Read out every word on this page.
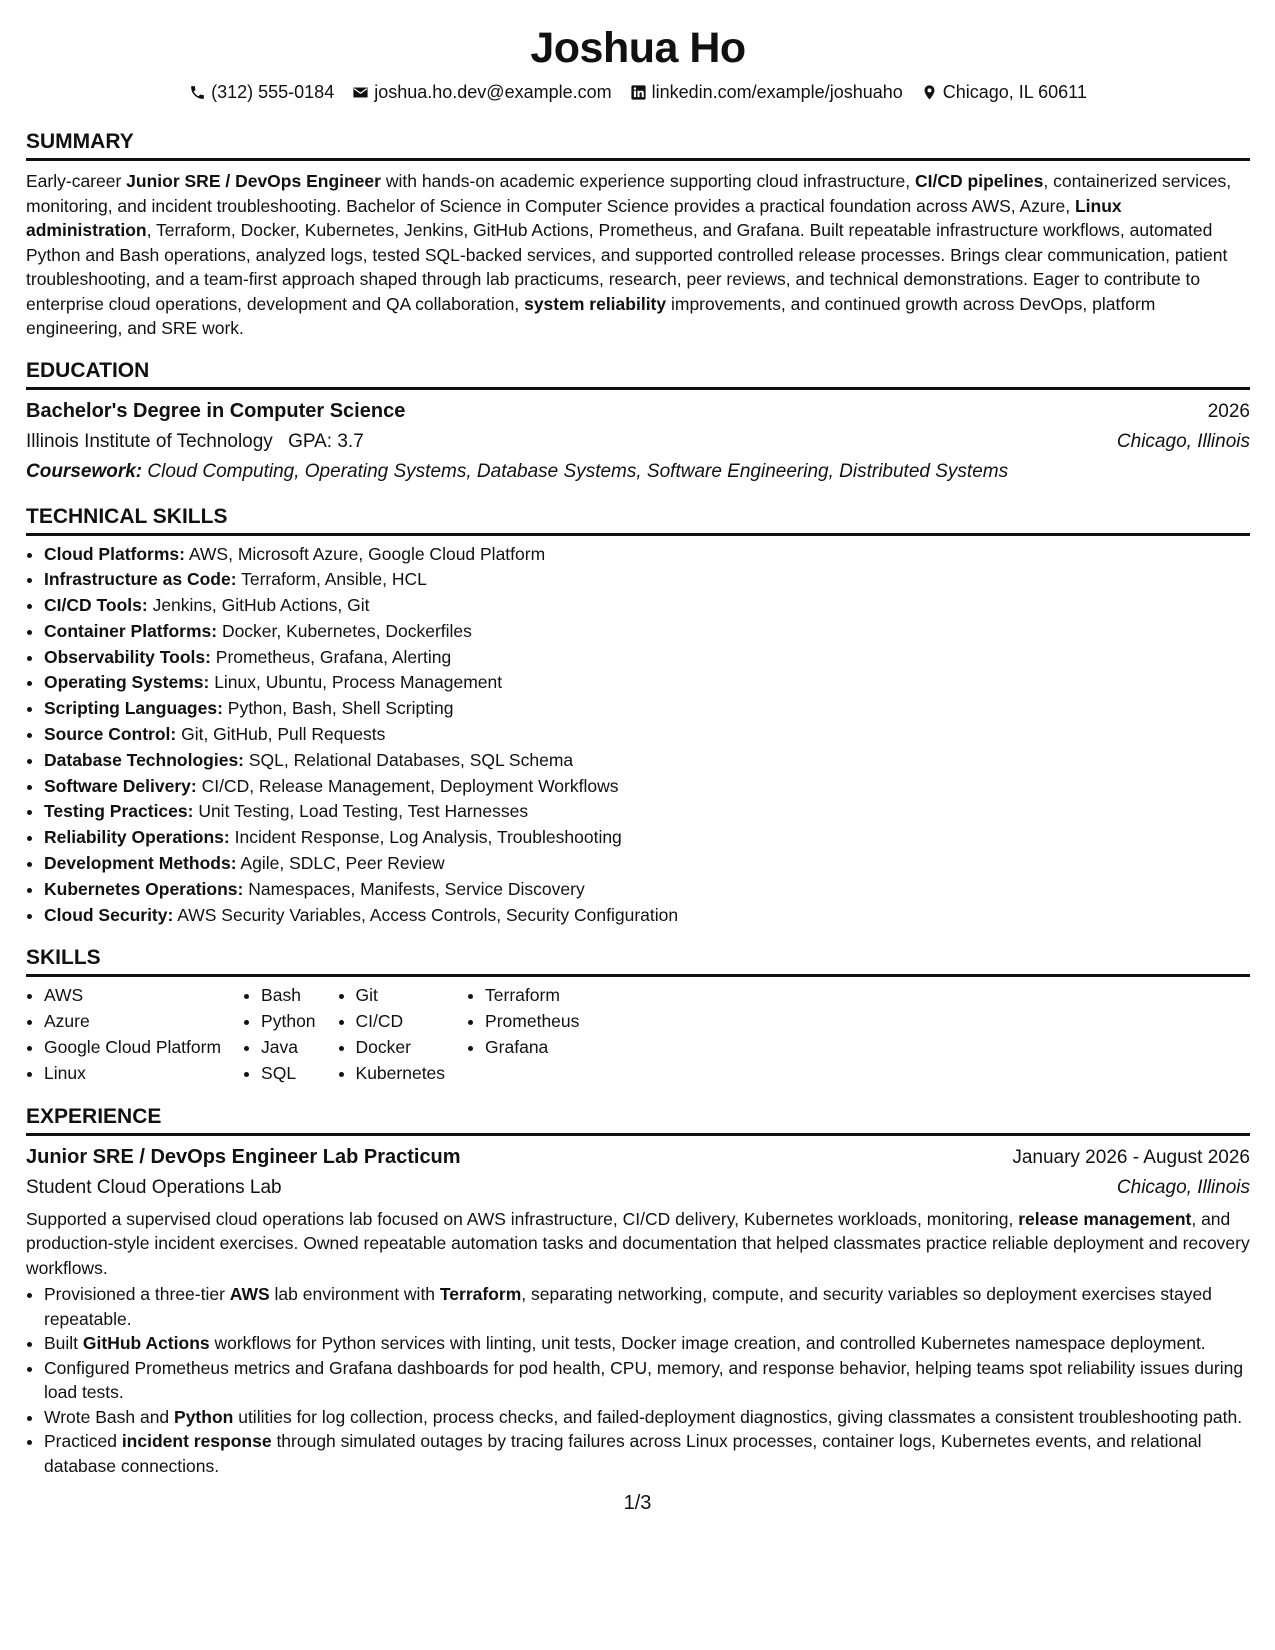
Joshua Ho
(312) 555-0184 joshua.ho.dev@example.com linkedin.com/example/joshuaho Chicago, IL 60611
SUMMARY
Early-career Junior SRE / DevOps Engineer with hands-on academic experience supporting cloud infrastructure, CI/CD pipelines, containerized services, monitoring, and incident troubleshooting. Bachelor of Science in Computer Science provides a practical foundation across AWS, Azure, Linux administration, Terraform, Docker, Kubernetes, Jenkins, GitHub Actions, Prometheus, and Grafana. Built repeatable infrastructure workflows, automated Python and Bash operations, analyzed logs, tested SQL-backed services, and supported controlled release processes. Brings clear communication, patient troubleshooting, and a team-first approach shaped through lab practicums, research, peer reviews, and technical demonstrations. Eager to contribute to enterprise cloud operations, development and QA collaboration, system reliability improvements, and continued growth across DevOps, platform engineering, and SRE work.
EDUCATION
Bachelor's Degree in Computer Science	2026
Illinois Institute of Technology GPA: 3.7	Chicago, Illinois
Coursework: Cloud Computing, Operating Systems, Database Systems, Software Engineering, Distributed Systems
TECHNICAL SKILLS
• Cloud Platforms: AWS, Microsoft Azure, Google Cloud Platform
• Infrastructure as Code: Terraform, Ansible, HCL
• CI/CD Tools: Jenkins, GitHub Actions, Git
• Container Platforms: Docker, Kubernetes, Dockerfiles
• Observability Tools: Prometheus, Grafana, Alerting
• Operating Systems: Linux, Ubuntu, Process Management
• Scripting Languages: Python, Bash, Shell Scripting
• Source Control: Git, GitHub, Pull Requests
• Database Technologies: SQL, Relational Databases, SQL Schema
• Software Delivery: CI/CD, Release Management, Deployment Workflows
• Testing Practices: Unit Testing, Load Testing, Test Harnesses
• Reliability Operations: Incident Response, Log Analysis, Troubleshooting
• Development Methods: Agile, SDLC, Peer Review
• Kubernetes Operations: Namespaces, Manifests, Service Discovery
• Cloud Security: AWS Security Variables, Access Controls, Security Configuration
SKILLS
• AWS
• Azure
• Google Cloud Platform
• Linux
• Bash
• Python
• Java
• SQL
• Git
• CI/CD
• Docker
• Kubernetes
• Terraform
• Prometheus
• Grafana
EXPERIENCE
Junior SRE / DevOps Engineer Lab Practicum	January 2026 - August 2026
Student Cloud Operations Lab	Chicago, Illinois
Supported a supervised cloud operations lab focused on AWS infrastructure, CI/CD delivery, Kubernetes workloads, monitoring, release management, and production-style incident exercises. Owned repeatable automation tasks and documentation that helped classmates practice reliable deployment and recovery workflows.
• Provisioned a three-tier AWS lab environment with Terraform, separating networking, compute, and security variables so deployment exercises stayed repeatable.
• Built GitHub Actions workflows for Python services with linting, unit tests, Docker image creation, and controlled Kubernetes namespace deployment.
• Configured Prometheus metrics and Grafana dashboards for pod health, CPU, memory, and response behavior, helping teams spot reliability issues during load tests.
• Wrote Bash and Python utilities for log collection, process checks, and failed-deployment diagnostics, giving classmates a consistent troubleshooting path.
• Practiced incident response through simulated outages by tracing failures across Linux processes, container logs, Kubernetes events, and relational database connections.
1/3
